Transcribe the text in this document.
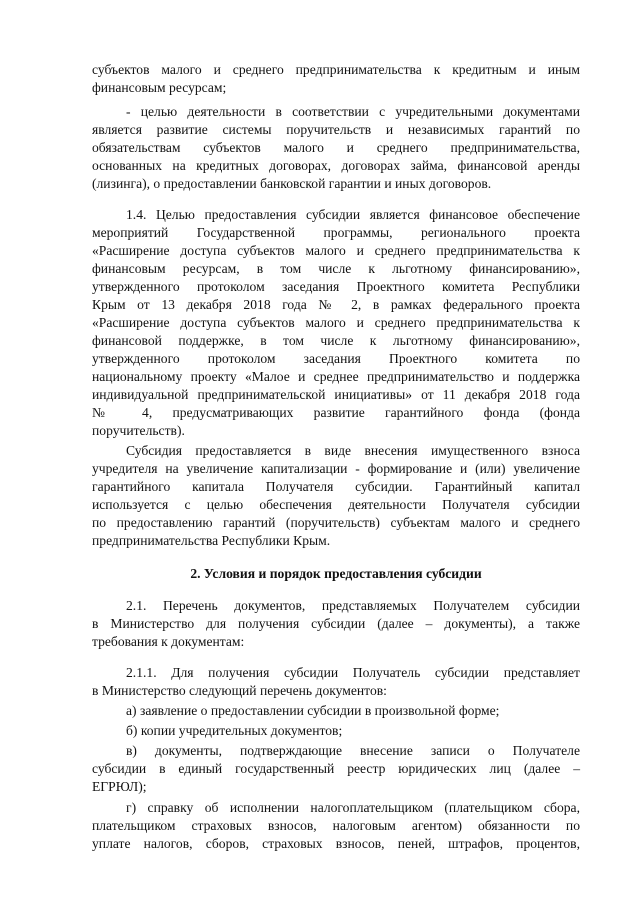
субъектов малого и среднего предпринимательства к кредитным и иным
финансовым ресурсам;
- целью деятельности в соответствии с учредительными документами
является развитие системы поручительств и независимых гарантий по
обязательствам субъектов малого и среднего предпринимательства,
основанных на кредитных договорах, договорах займа, финансовой аренды
(лизинга), о предоставлении банковской гарантии и иных договоров.
1.4. Целью предоставления субсидии является финансовое обеспечение
мероприятий Государственной программы, регионального проекта
«Расширение доступа субъектов малого и среднего предпринимательства к
финансовым ресурсам, в том числе к льготному финансированию»,
утвержденного протоколом заседания Проектного комитета Республики
Крым от 13 декабря 2018 года № 2, в рамках федерального проекта
«Расширение доступа субъектов малого и среднего предпринимательства к
финансовой поддержке, в том числе к льготному финансированию»,
утвержденного протоколом заседания Проектного комитета по
национальному проекту «Малое и среднее предпринимательство и поддержка
индивидуальной предпринимательской инициативы» от 11 декабря 2018 года
№ 4, предусматривающих развитие гарантийного фонда (фонда
поручительств).
Субсидия предоставляется в виде внесения имущественного взноса
учредителя на увеличение капитализации - формирование и (или) увеличение
гарантийного капитала Получателя субсидии. Гарантийный капитал
используется с целью обеспечения деятельности Получателя субсидии
по предоставлению гарантий (поручительств) субъектам малого и среднего
предпринимательства Республики Крым.
2. Условия и порядок предоставления субсидии
2.1. Перечень документов, представляемых Получателем субсидии
в Министерство для получения субсидии (далее – документы), а также
требования к документам:
2.1.1. Для получения субсидии Получатель субсидии представляет
в Министерство следующий перечень документов:
а) заявление о предоставлении субсидии в произвольной форме;
б) копии учредительных документов;
в) документы, подтверждающие внесение записи о Получателе
субсидии в единый государственный реестр юридических лиц (далее –
ЕГРЮЛ);
г) справку об исполнении налогоплательщиком (плательщиком сбора,
плательщиком страховых взносов, налоговым агентом) обязанности по
уплате налогов, сборов, страховых взносов, пеней, штрафов, процентов,
